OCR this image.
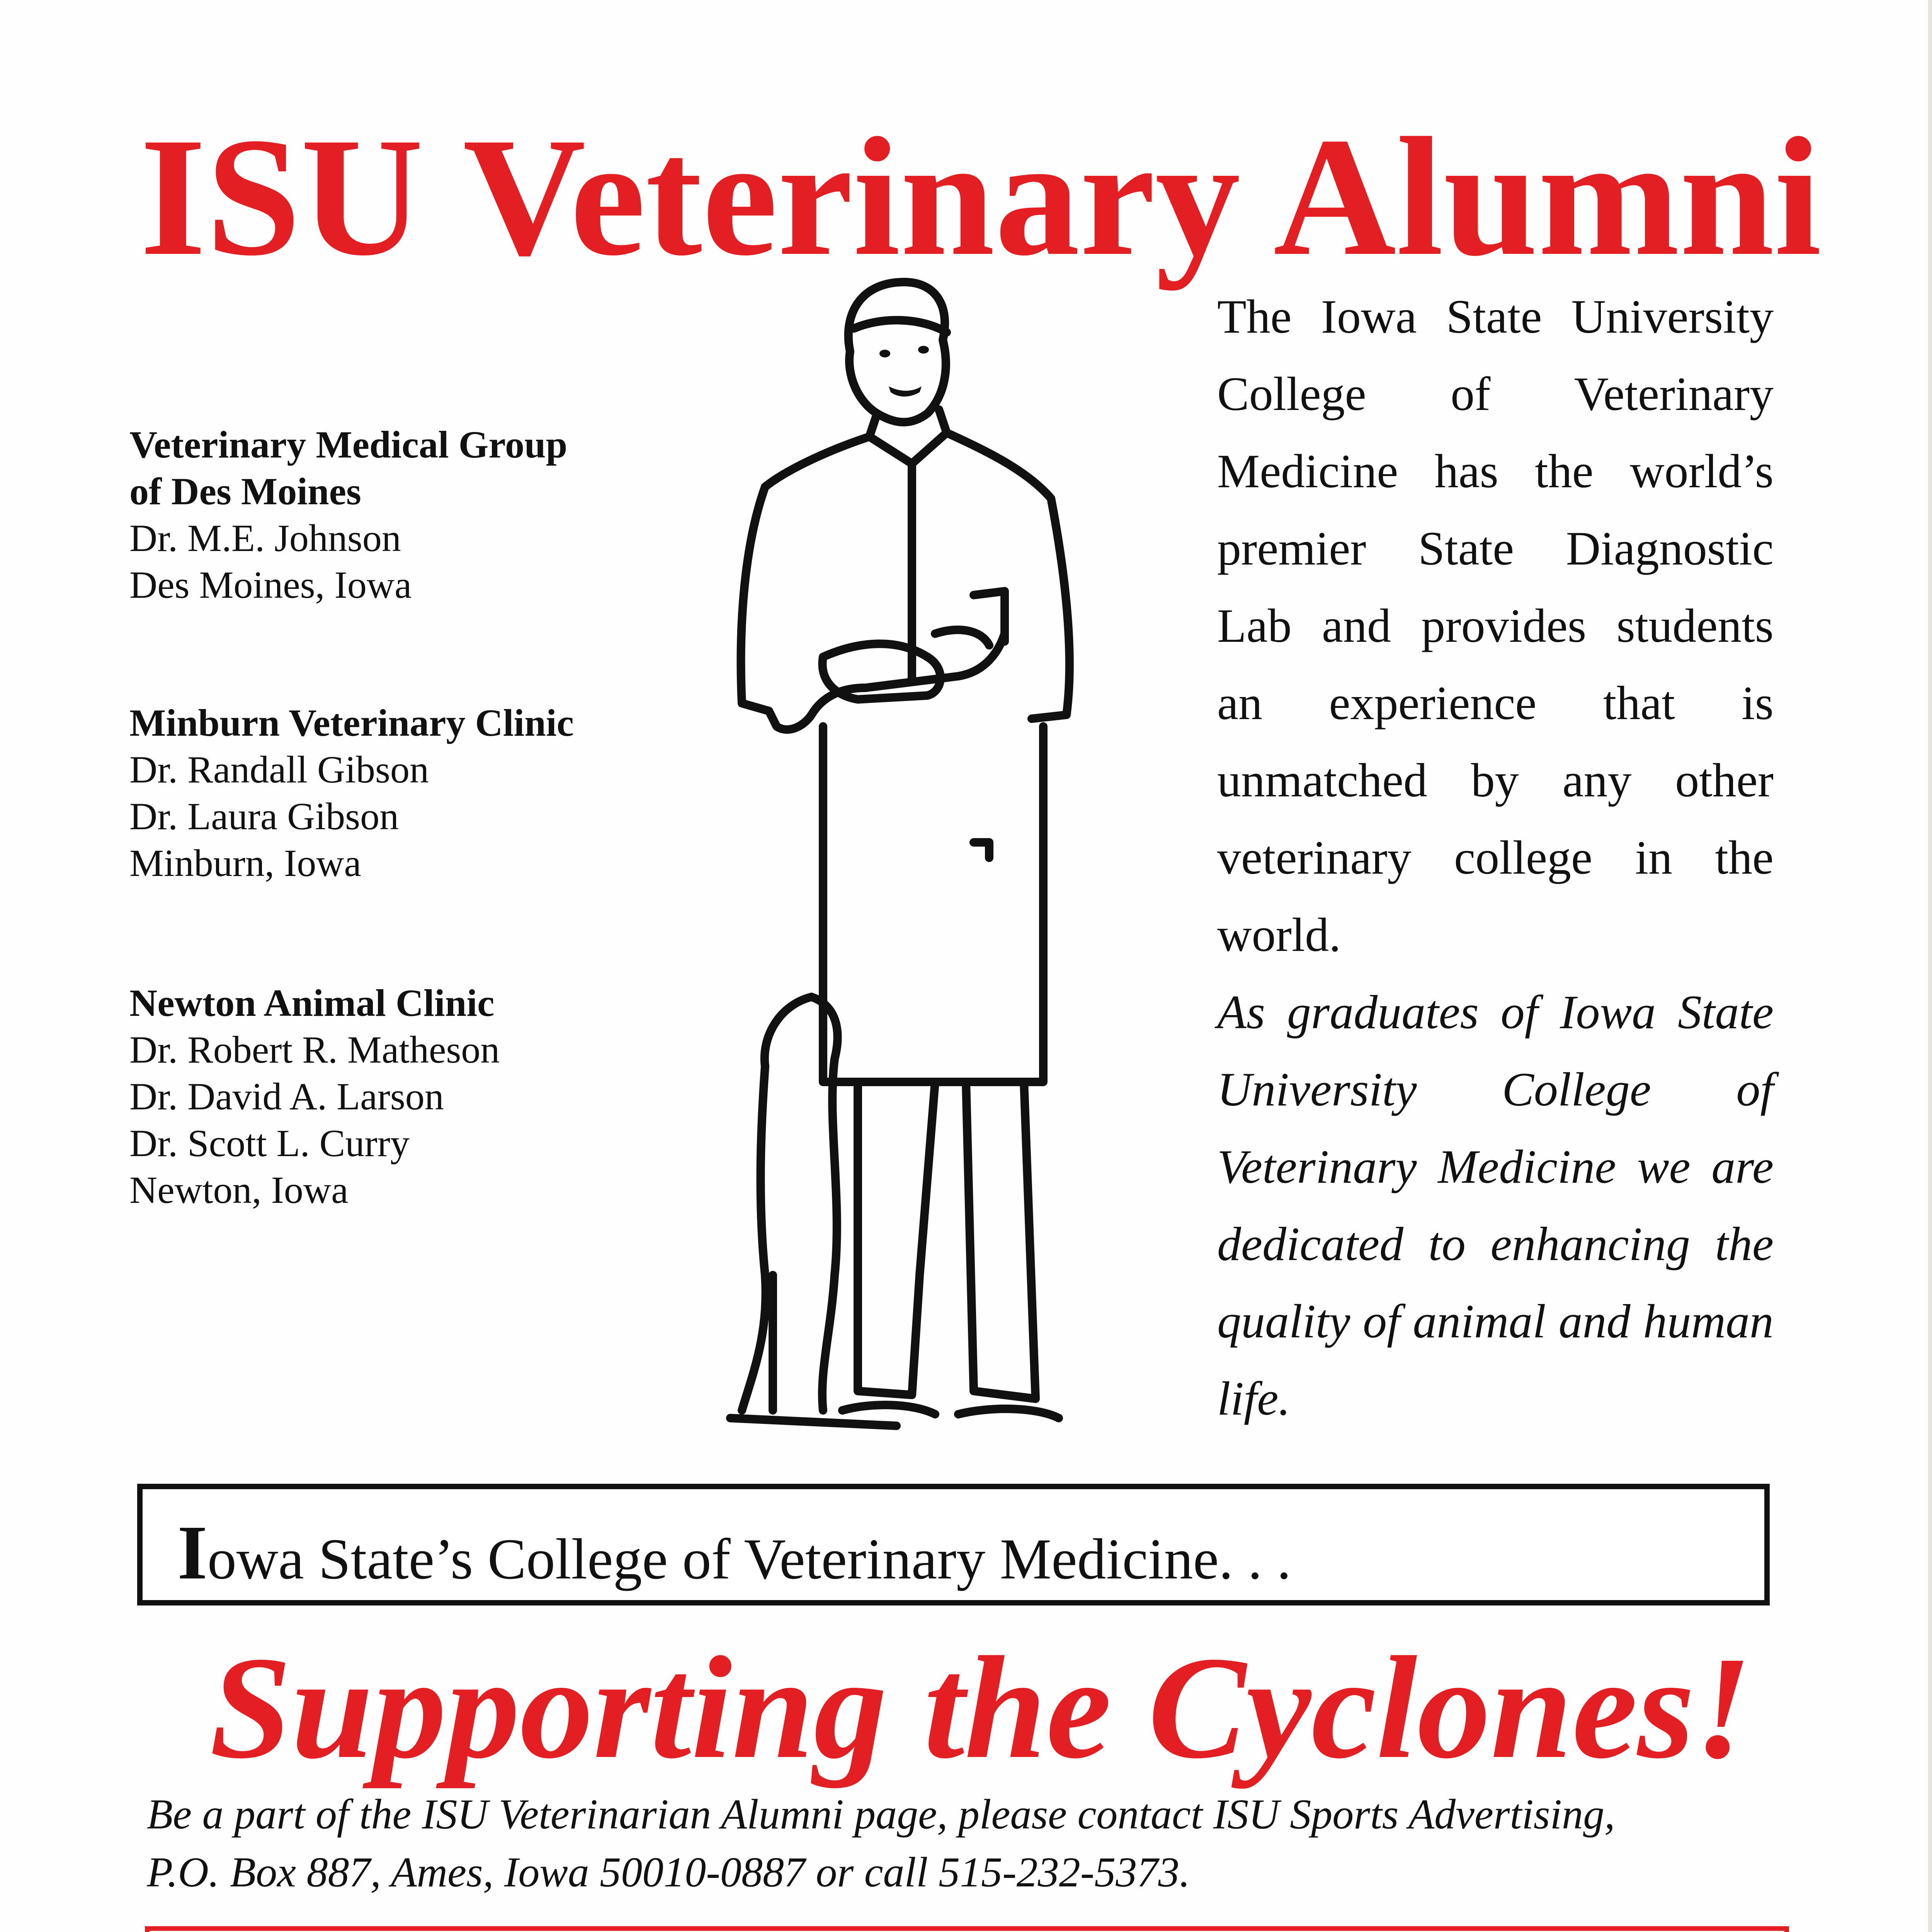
ISU Veterinary Alumni
Veterinary Medical Group
of Des Moines
Dr. M.E. Johnson
Des Moines, Iowa
Minburn Veterinary Clinic
Dr. Randall Gibson
Dr. Laura Gibson
Minburn, Iowa
Newton Animal Clinic
Dr. Robert R. Matheson
Dr. David A. Larson
Dr. Scott L. Curry
Newton, Iowa

The Iowa State University College of Veterinary Medicine has the world’s premier State Diagnostic Lab and provides students an experience that is unmatched by any other veterinary college in the world.

As graduates of Iowa State University College of Veterinary Medicine we are dedicated to enhancing the quality of animal and human life.

Iowa State’s College of Veterinary Medicine. . .
Supporting the Cyclones!
Be a part of the ISU Veterinarian Alumni page, please contact ISU Sports Advertising,
P.O. Box 887, Ames, Iowa 50010-0887 or call 515-232-5373.
